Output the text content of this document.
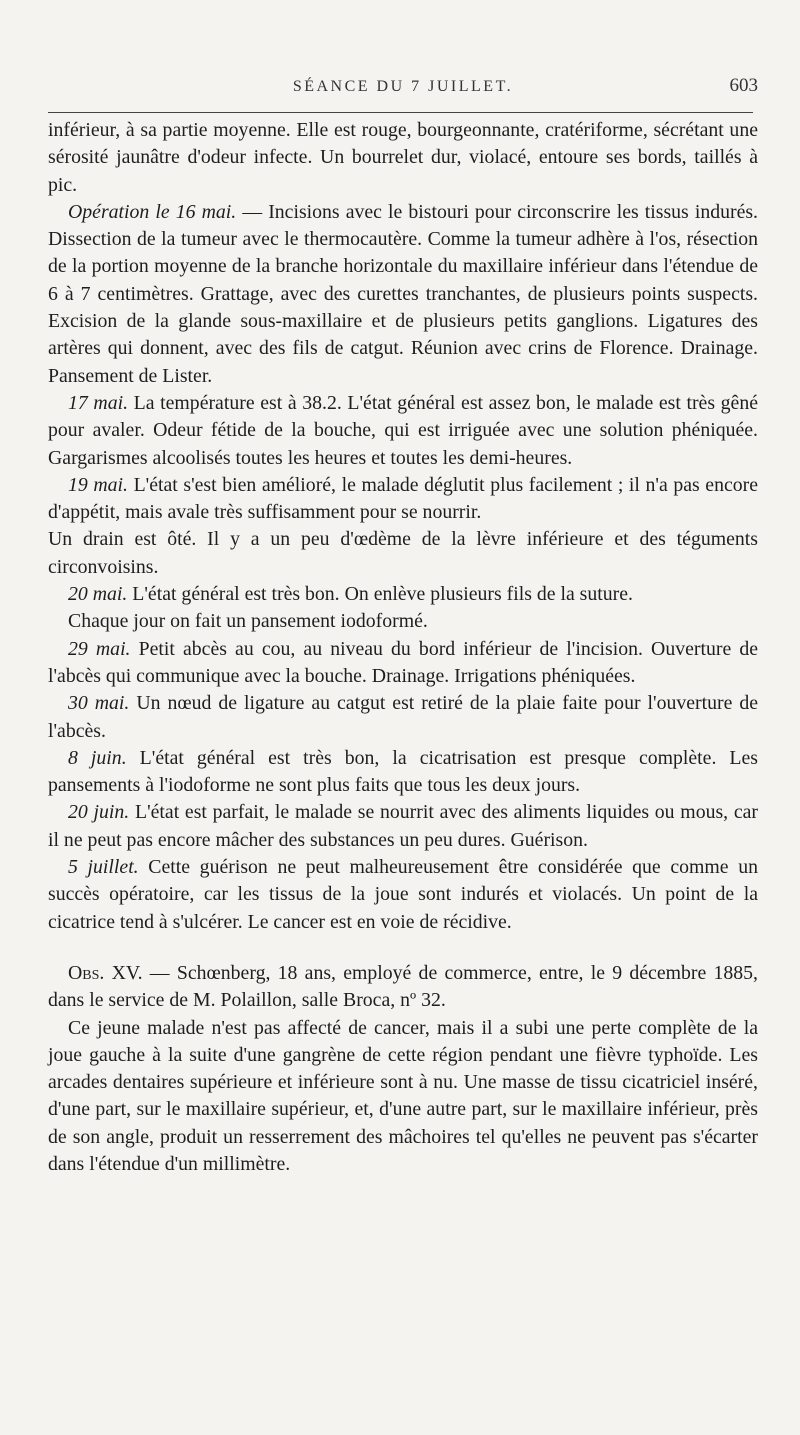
SÉANCE DU 7 JUILLET.	603

inférieur, à sa partie moyenne. Elle est rouge, bourgeonnante, cratériforme, sécrétant une sérosité jaunâtre d'odeur infecte. Un bourrelet dur, violacé, entoure ses bords, taillés à pic.

Opération le 16 mai. — Incisions avec le bistouri pour circonscrire les tissus indurés. Dissection de la tumeur avec le thermocautère. Comme la tumeur adhère à l'os, résection de la portion moyenne de la branche horizontale du maxillaire inférieur dans l'étendue de 6 à 7 centimètres. Grattage, avec des curettes tranchantes, de plusieurs points suspects. Excision de la glande sous-maxillaire et de plusieurs petits ganglions. Ligatures des artères qui donnent, avec des fils de catgut. Réunion avec crins de Florence. Drainage. Pansement de Lister.

17 mai. La température est à 38.2. L'état général est assez bon, le malade est très gêné pour avaler. Odeur fétide de la bouche, qui est irriguée avec une solution phéniquée. Gargarismes alcoolisés toutes les heures et toutes les demi-heures.

19 mai. L'état s'est bien amélioré, le malade déglutit plus facilement ; il n'a pas encore d'appétit, mais avale très suffisamment pour se nourrir.

Un drain est ôté. Il y a un peu d'œdème de la lèvre inférieure et des téguments circonvoisins.

20 mai. L'état général est très bon. On enlève plusieurs fils de la suture.

Chaque jour on fait un pansement iodoformé.

29 mai. Petit abcès au cou, au niveau du bord inférieur de l'incision. Ouverture de l'abcès qui communique avec la bouche. Drainage. Irrigations phéniquées.

30 mai. Un nœud de ligature au catgut est retiré de la plaie faite pour l'ouverture de l'abcès.

8 juin. L'état général est très bon, la cicatrisation est presque complète. Les pansements à l'iodoforme ne sont plus faits que tous les deux jours.

20 juin. L'état est parfait, le malade se nourrit avec des aliments liquides ou mous, car il ne peut pas encore mâcher des substances un peu dures. Guérison.

5 juillet. Cette guérison ne peut malheureusement être considérée que comme un succès opératoire, car les tissus de la joue sont indurés et violacés. Un point de la cicatrice tend à s'ulcérer. Le cancer est en voie de récidive.

Obs. XV. — Schœnberg, 18 ans, employé de commerce, entre, le 9 décembre 1885, dans le service de M. Polaillon, salle Broca, nº 32.

Ce jeune malade n'est pas affecté de cancer, mais il a subi une perte complète de la joue gauche à la suite d'une gangrène de cette région pendant une fièvre typhoïde. Les arcades dentaires supérieure et inférieure sont à nu. Une masse de tissu cicatriciel inséré, d'une part, sur le maxillaire supérieur, et, d'une autre part, sur le maxillaire inférieur, près de son angle, produit un resserrement des mâchoires tel qu'elles ne peuvent pas s'écarter dans l'étendue d'un millimètre.
